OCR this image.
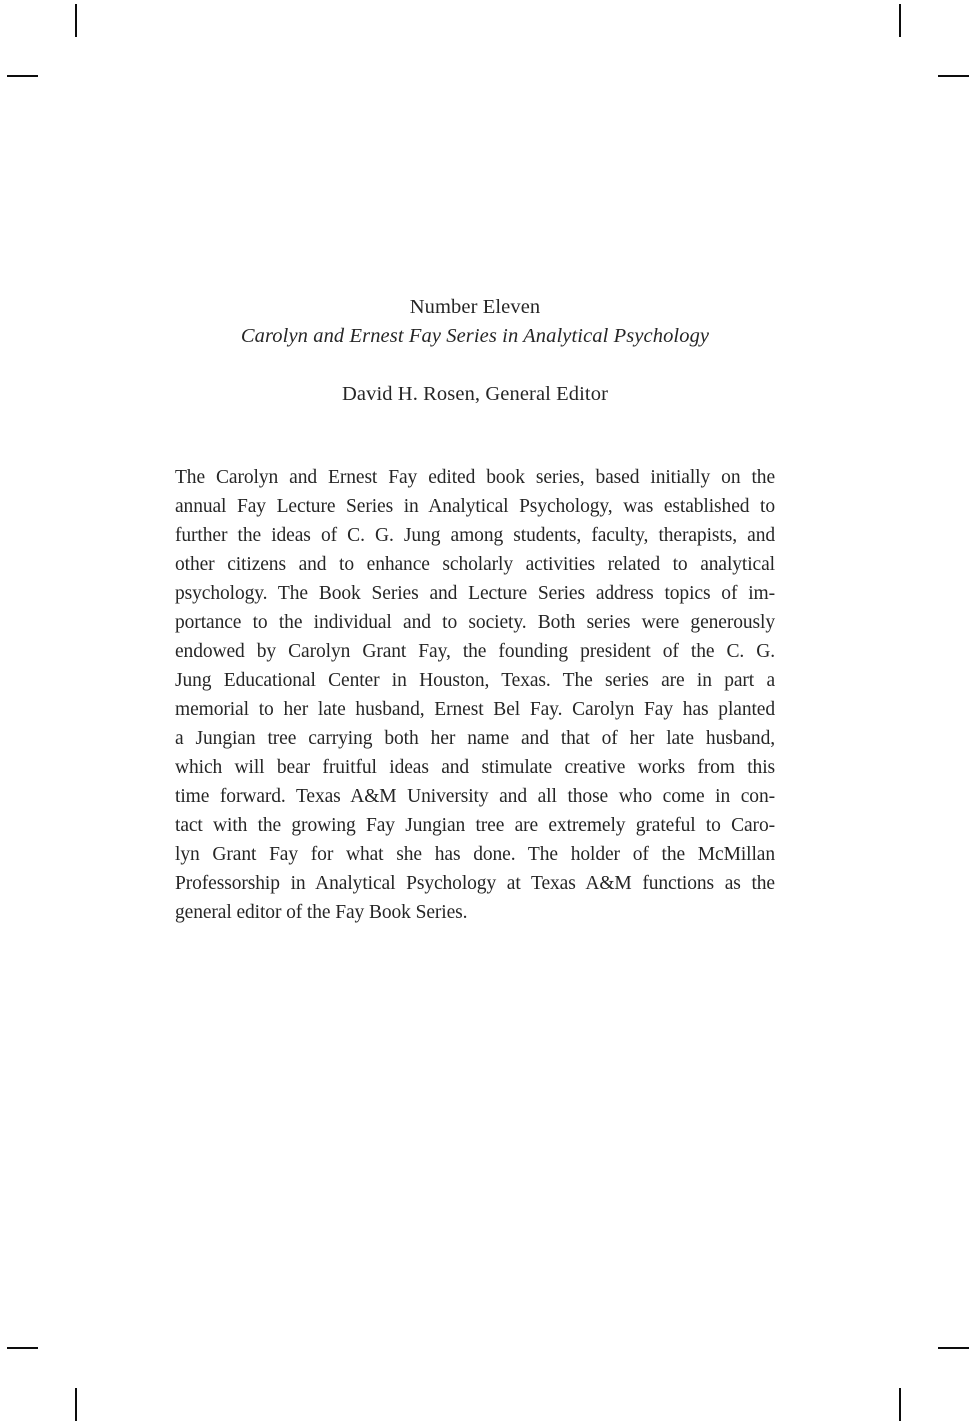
Number Eleven
Carolyn and Ernest Fay Series in Analytical Psychology
David H. Rosen, General Editor
The Carolyn and Ernest Fay edited book series, based initially on the
annual Fay Lecture Series in Analytical Psychology, was established to
further the ideas of C. G. Jung among students, faculty, therapists, and
other citizens and to enhance scholarly activities related to analytical
psychology. The Book Series and Lecture Series address topics of im-
portance to the individual and to society. Both series were generously
endowed by Carolyn Grant Fay, the founding president of the C. G.
Jung Educational Center in Houston, Texas. The series are in part a
memorial to her late husband, Ernest Bel Fay. Carolyn Fay has planted
a Jungian tree carrying both her name and that of her late husband,
which will bear fruitful ideas and stimulate creative works from this
time forward. Texas A&M University and all those who come in con-
tact with the growing Fay Jungian tree are extremely grateful to Caro-
lyn Grant Fay for what she has done. The holder of the McMillan
Professorship in Analytical Psychology at Texas A&M functions as the
general editor of the Fay Book Series.
